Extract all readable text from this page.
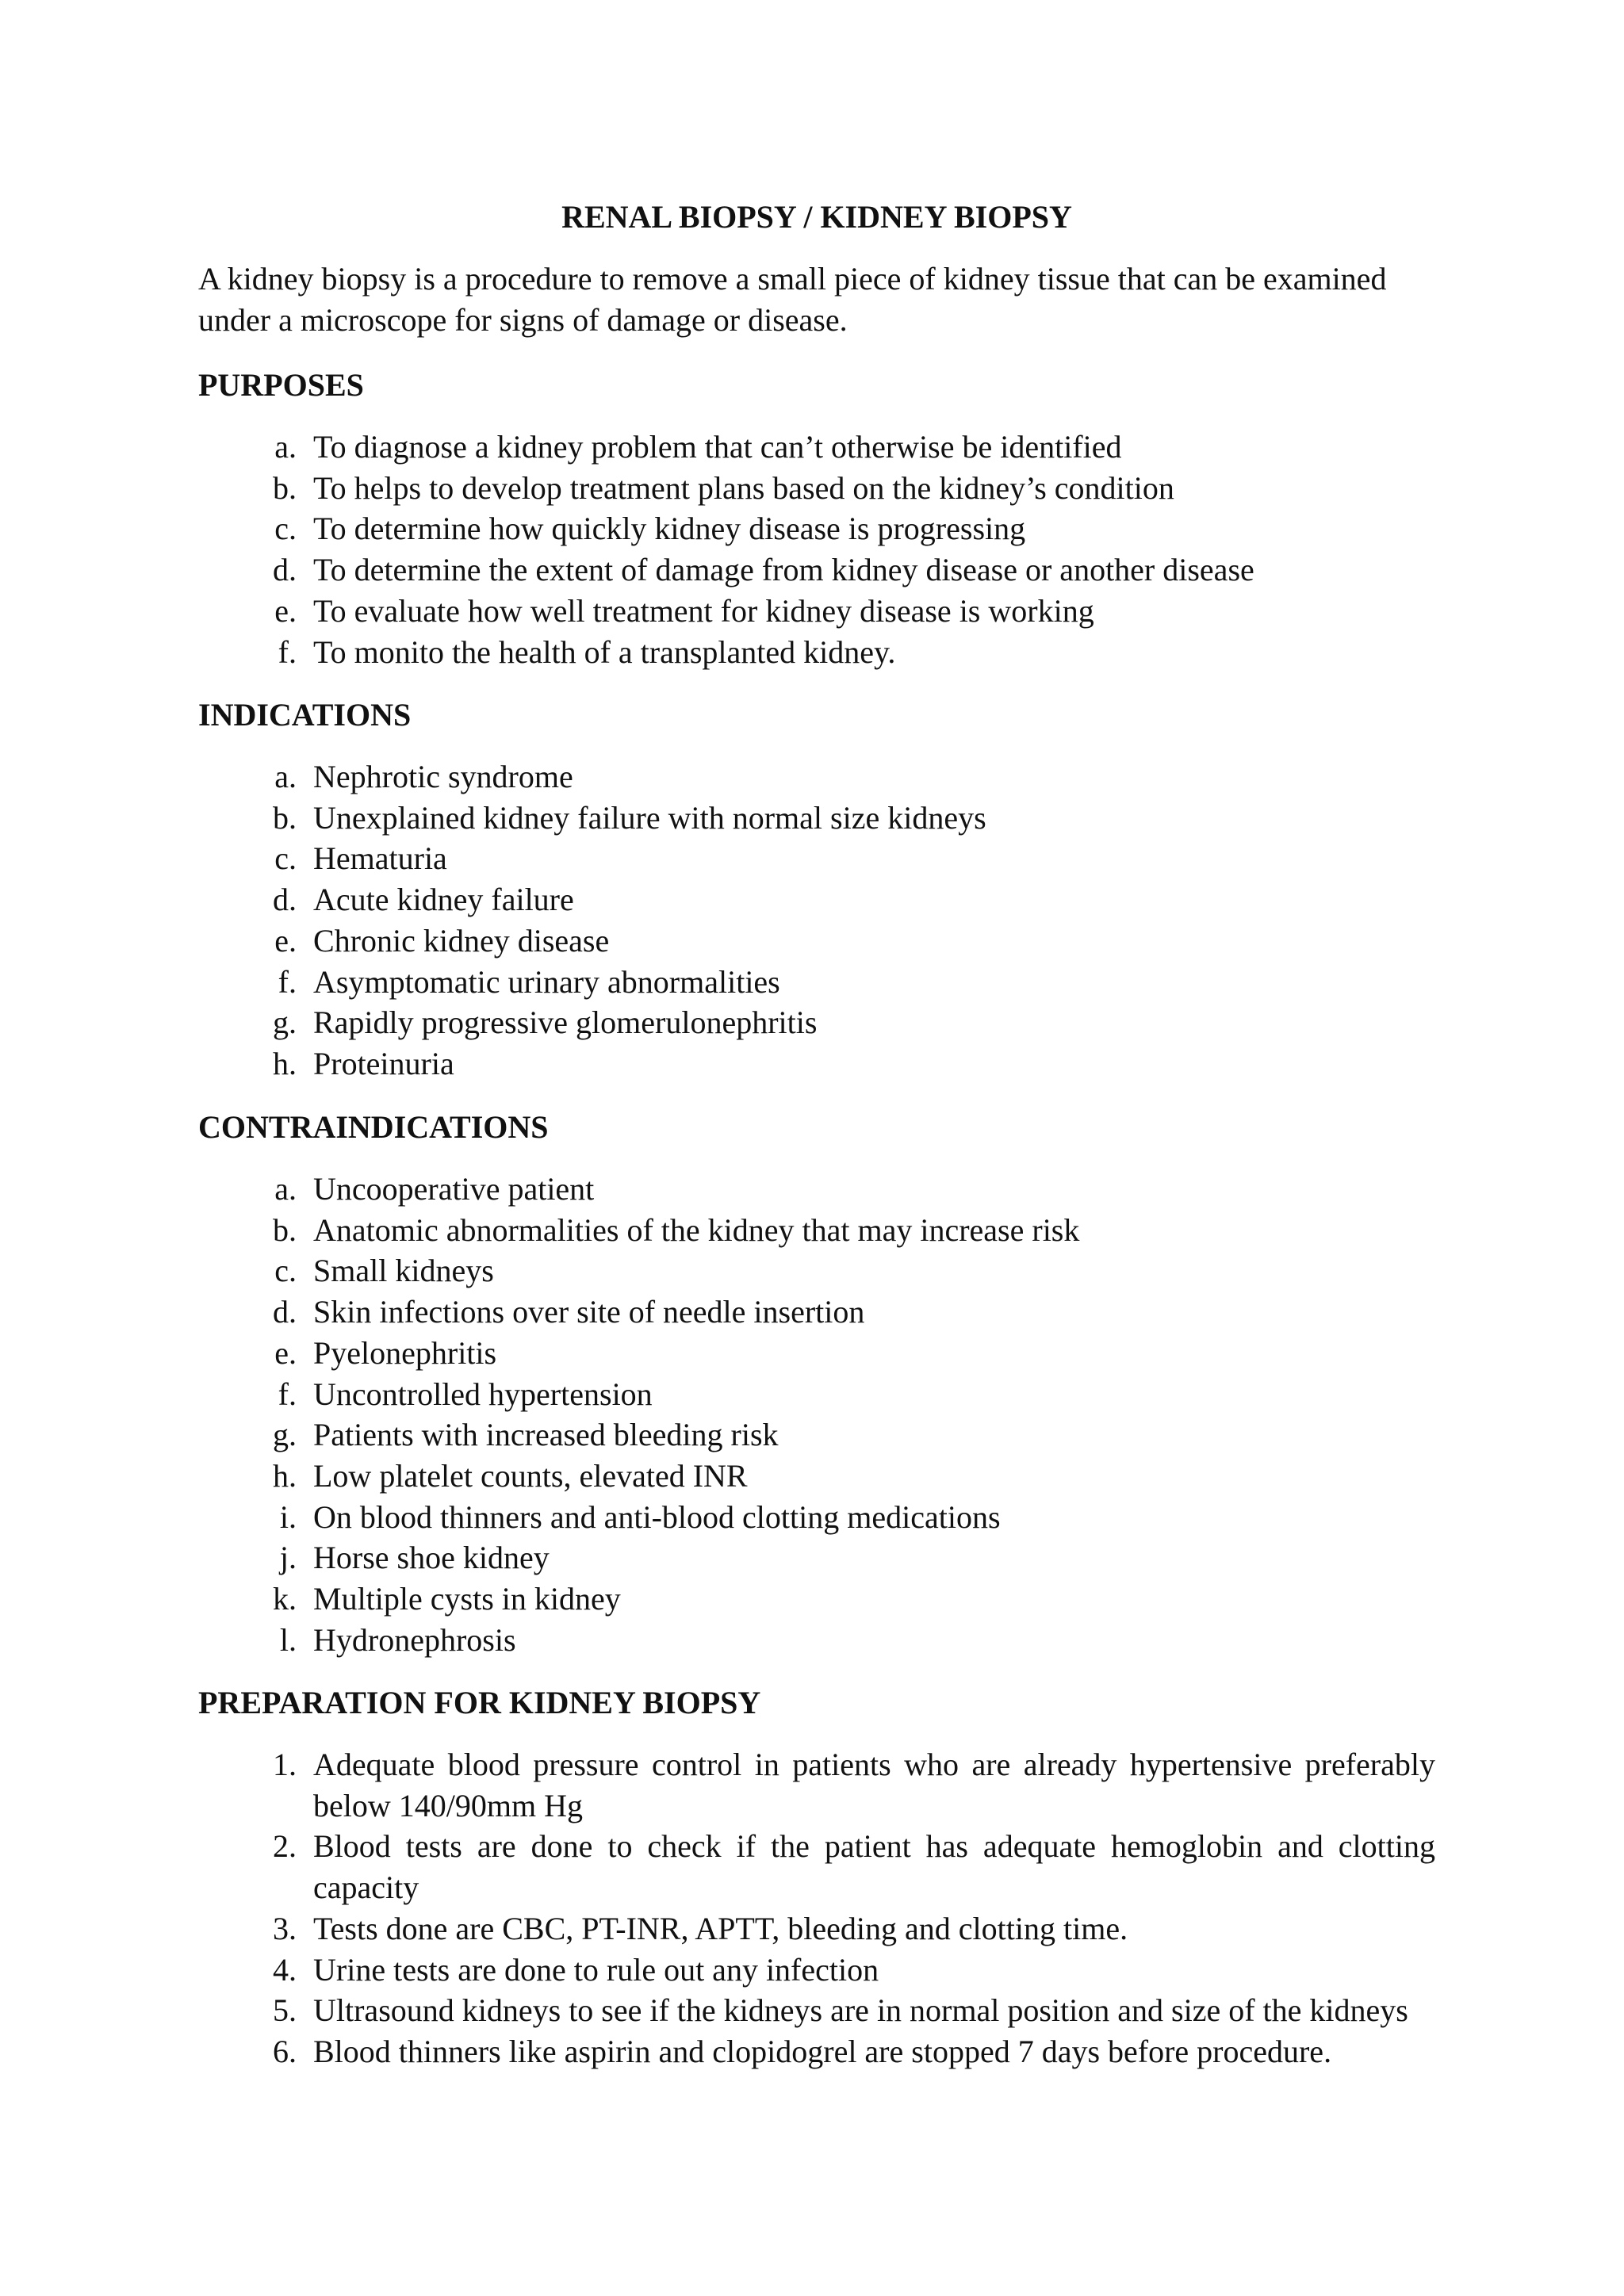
RENAL BIOPSY / KIDNEY BIOPSY

A kidney biopsy is a procedure to remove a small piece of kidney tissue that can be examined under a microscope for signs of damage or disease.

PURPOSES
a. To diagnose a kidney problem that can’t otherwise be identified
b. To helps to develop treatment plans based on the kidney’s condition
c. To determine how quickly kidney disease is progressing
d. To determine the extent of damage from kidney disease or another disease
e. To evaluate how well treatment for kidney disease is working
f. To monito the health of a transplanted kidney.
INDICATIONS
a. Nephrotic syndrome
b. Unexplained kidney failure with normal size kidneys
c. Hematuria
d. Acute kidney failure
e. Chronic kidney disease
f. Asymptomatic urinary abnormalities
g. Rapidly progressive glomerulonephritis
h. Proteinuria
CONTRAINDICATIONS
a. Uncooperative patient
b. Anatomic abnormalities of the kidney that may increase risk
c. Small kidneys
d. Skin infections over site of needle insertion
e. Pyelonephritis
f. Uncontrolled hypertension
g. Patients with increased bleeding risk
h. Low platelet counts, elevated INR
i. On blood thinners and anti-blood clotting medications
j. Horse shoe kidney
k. Multiple cysts in kidney
l. Hydronephrosis
PREPARATION FOR KIDNEY BIOPSY
1. Adequate blood pressure control in patients who are already hypertensive preferably below 140/90mm Hg
2. Blood tests are done to check if the patient has adequate hemoglobin and clotting capacity
3. Tests done are CBC, PT-INR, APTT, bleeding and clotting time.
4. Urine tests are done to rule out any infection
5. Ultrasound kidneys to see if the kidneys are in normal position and size of the kidneys
6. Blood thinners like aspirin and clopidogrel are stopped 7 days before procedure.
